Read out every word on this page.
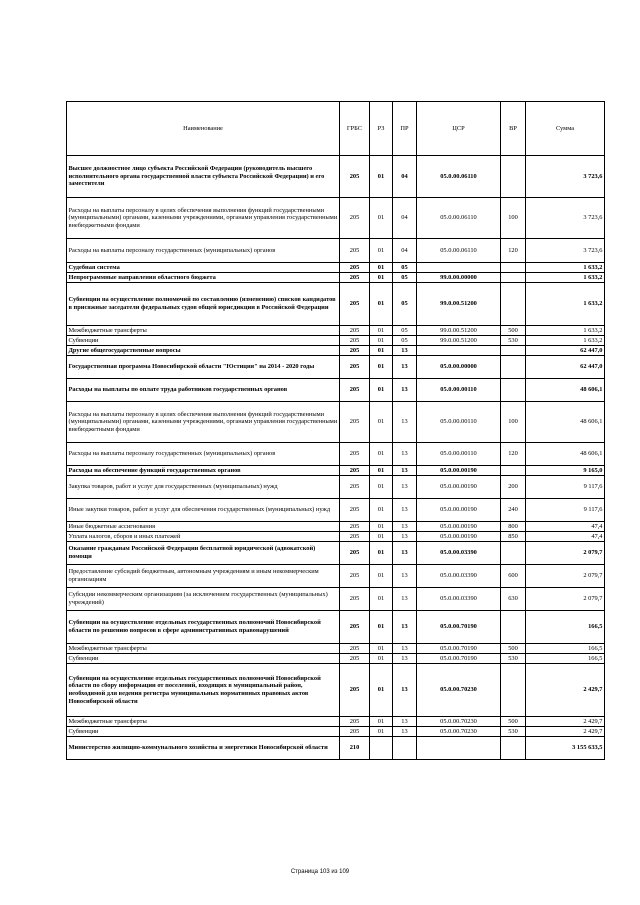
Наименование	ГРБС	РЗ	ПР	ЦСР	ВР	Сумма
Высшее должностное лицо субъекта Российской Федерации (руководитель высшего исполнительного органа государственной власти субъекта Российской Федерации) и его заместители	205	01	04	05.0.00.06110		3 723,6
Расходы на выплаты персоналу в целях обеспечения выполнения функций государственными (муниципальными) органами, казенными учреждениями, органами управления государственными внебюджетными фондами	205	01	04	05.0.00.06110	100	3 723,6
Расходы на выплаты персоналу государственных (муниципальных) органов	205	01	04	05.0.00.06110	120	3 723,6
Судебная система	205	01	05			1 633,2
Непрограммные направления областного бюджета	205	01	05	99.0.00.00000		1 633,2
Субвенции на осуществление полномочий по составлению (изменению) списков кандидатов в присяжные заседатели федеральных судов общей юрисдикции в Российской Федерации	205	01	05	99.0.00.51200		1 633,2
Межбюджетные трансферты	205	01	05	99.0.00.51200	500	1 633,2
Субвенции	205	01	05	99.0.00.51200	530	1 633,2
Другие общегосударственные вопросы	205	01	13			62 447,0
Государственная программа Новосибирской области "Юстиция" на 2014 - 2020 годы	205	01	13	05.0.00.00000		62 447,0
Расходы на выплаты по оплате труда работников государственных органов	205	01	13	05.0.00.00110		48 606,1
Расходы на выплаты персоналу в целях обеспечения выполнения функций государственными (муниципальными) органами, казенными учреждениями, органами управления государственными внебюджетными фондами	205	01	13	05.0.00.00110	100	48 606,1
Расходы на выплаты персоналу государственных (муниципальных) органов	205	01	13	05.0.00.00110	120	48 606,1
Расходы на обеспечение функций государственных органов	205	01	13	05.0.00.00190		9 165,0
Закупка товаров, работ и услуг для государственных (муниципальных) нужд	205	01	13	05.0.00.00190	200	9 117,6
Иные закупки товаров, работ и услуг для обеспечения государственных (муниципальных) нужд	205	01	13	05.0.00.00190	240	9 117,6
Иные бюджетные ассигнования	205	01	13	05.0.00.00190	800	47,4
Уплата налогов, сборов и иных платежей	205	01	13	05.0.00.00190	850	47,4
Оказание гражданам Российской Федерации бесплатной юридической (адвокатской) помощи	205	01	13	05.0.00.03390		2 079,7
Предоставление субсидий бюджетным, автономным учреждениям и иным некоммерческим организациям	205	01	13	05.0.00.03390	600	2 079,7
Субсидии некоммерческим организациям (за исключением государственных (муниципальных) учреждений)	205	01	13	05.0.00.03390	630	2 079,7
Субвенции на осуществление отдельных государственных полномочий Новосибирской области по решению вопросов в сфере административных правонарушений	205	01	13	05.0.00.70190		166,5
Межбюджетные трансферты	205	01	13	05.0.00.70190	500	166,5
Субвенции	205	01	13	05.0.00.70190	530	166,5
Субвенции на осуществление отдельных государственных полномочий Новосибирской области по сбору информации от поселений, входящих в муниципальный район, необходимой для ведения регистра муниципальных нормативных правовых актов Новосибирской области	205	01	13	05.0.00.70230		2 429,7
Межбюджетные трансферты	205	01	13	05.0.00.70230	500	2 429,7
Субвенции	205	01	13	05.0.00.70230	530	2 429,7
Министерство жилищно-коммунального хозяйства и энергетики Новосибирской области	210					3 155 633,5
Страница 103 из 109
